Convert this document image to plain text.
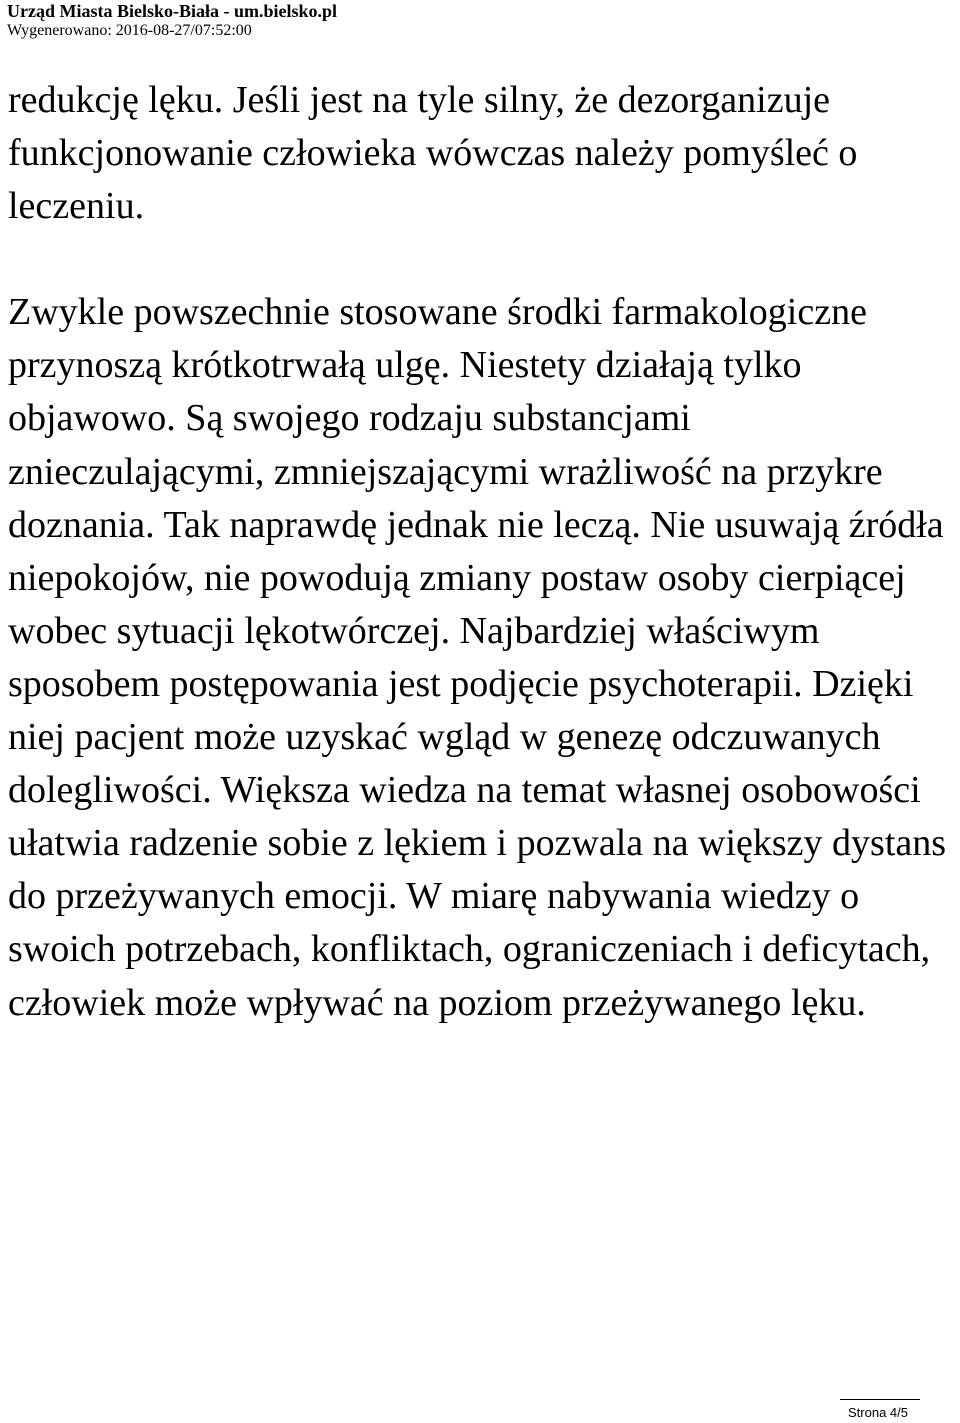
Urząd Miasta Bielsko-Biała - um.bielsko.pl
Wygenerowano: 2016-08-27/07:52:00

redukcję lęku. Jeśli jest na tyle silny, że dezorganizuje funkcjonowanie człowieka wówczas należy pomyśleć o leczeniu.

Zwykle powszechnie stosowane środki farmakologiczne przynoszą krótkotrwałą ulgę. Niestety działają tylko objawowo. Są swojego rodzaju substancjami znieczulającymi, zmniejszającymi wrażliwość na przykre doznania. Tak naprawdę jednak nie leczą. Nie usuwają źródła niepokojów, nie powodują zmiany postaw osoby cierpiącej wobec sytuacji lękotwórczej. Najbardziej właściwym sposobem postępowania jest podjęcie psychoterapii. Dzięki niej pacjent może uzyskać wgląd w genezę odczuwanych dolegliwości. Większa wiedza na temat własnej osobowości ułatwia radzenie sobie z lękiem i pozwala na większy dystans do przeżywanych emocji. W miarę nabywania wiedzy o swoich potrzebach, konfliktach, ograniczeniach i deficytach, człowiek może wpływać na poziom przeżywanego lęku.

Strona 4/5
